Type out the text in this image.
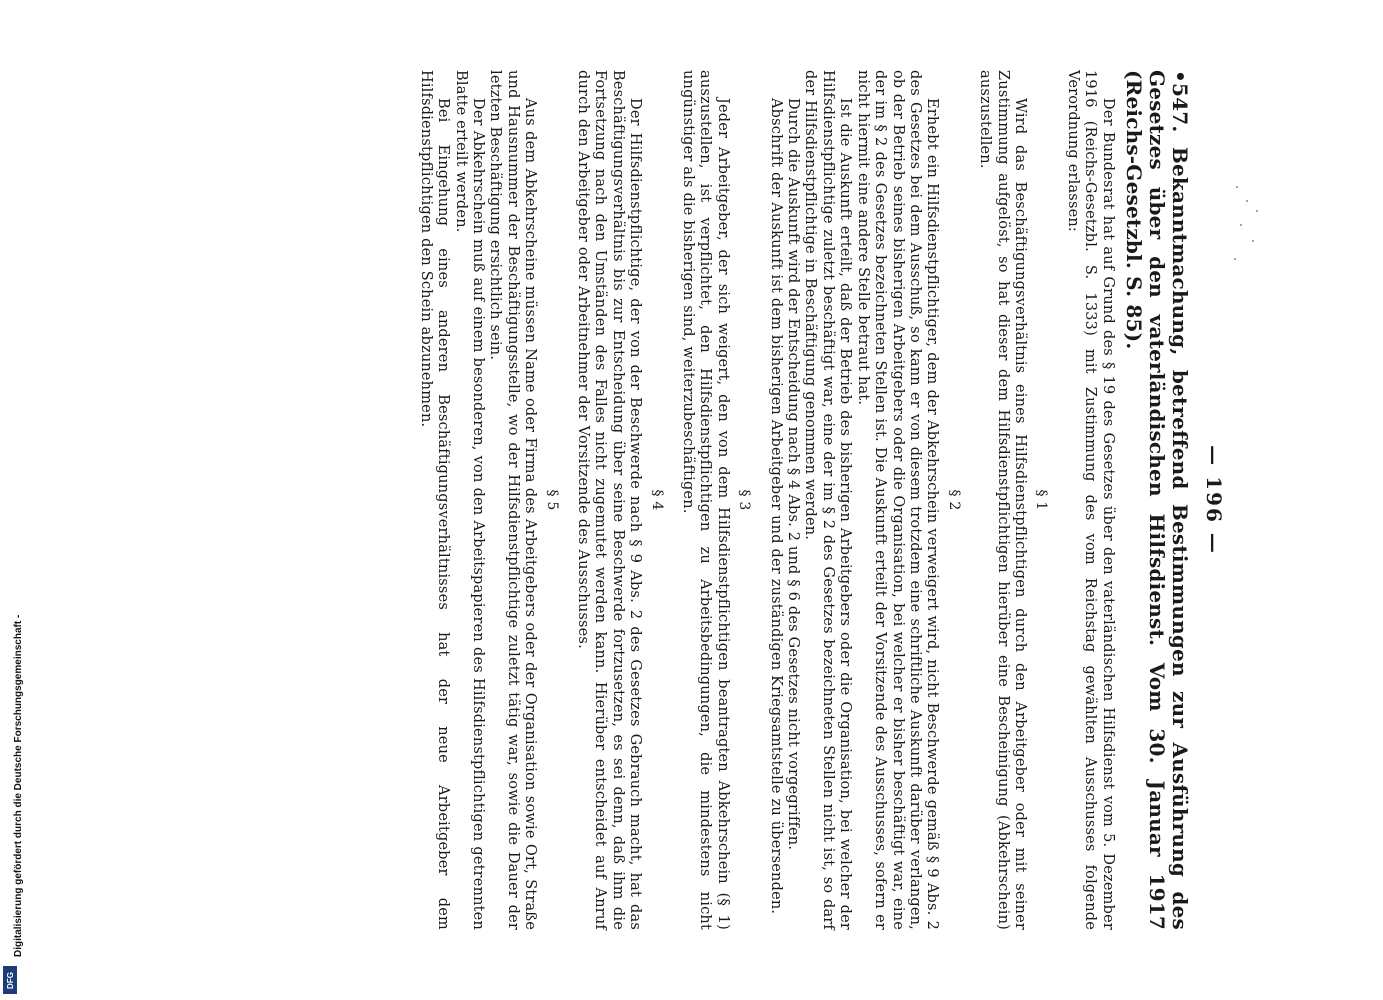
— 196 —
•547. Bekanntmachung, betreffend Bestimmungen zur Ausführung des Gesetzes über den vaterländischen Hilfsdienst. Vom 30. Januar 1917 (Reichs-Gesetzbl. S. 85).

Der Bundesrat hat auf Grund des § 19 des Gesetzes über den vaterländischen Hilfsdienst vom 5. Dezember 1916 (Reichs-Gesetzbl. S. 1333) mit Zustimmung des vom Reichstag gewählten Ausschusses folgende Verordnung erlassen:

§ 1

Wird das Beschäftigungsverhältnis eines Hilfsdienstpflichtigen durch den Arbeitgeber oder mit seiner Zustimmung aufgelöst, so hat dieser dem Hilfsdienstpflichtigen hierüber eine Bescheinigung (Abkehrschein) auszustellen.

§ 2

Erhebt ein Hilfsdienstpflichtiger, dem der Abkehrschein verweigert wird, nicht Beschwerde gemäß § 9 Abs. 2 des Gesetzes bei dem Ausschuß, so kann er von diesem trotzdem eine schriftliche Auskunft darüber verlangen, ob der Betrieb seines bisherigen Arbeitgebers oder die Organisation, bei welcher er bisher beschäftigt war, eine der im § 2 des Gesetzes bezeichneten Stellen ist. Die Auskunft erteilt der Vorsitzende des Ausschusses, sofern er nicht hiermit eine andere Stelle betraut hat.

Ist die Auskunft erteilt, daß der Betrieb des bisherigen Arbeitgebers oder die Organisation, bei welcher der Hilfsdienstpflichtige zuletzt beschäftigt war, eine der im § 2 des Gesetzes bezeichneten Stellen nicht ist, so darf der Hilfsdienstpflichtige in Beschäftigung genommen werden.

Durch die Auskunft wird der Entscheidung nach § 4 Abs. 2 und § 6 des Gesetzes nicht vorgegriffen.

Abschrift der Auskunft ist dem bisherigen Arbeitgeber und der zuständigen Kriegsamtstelle zu übersenden.

§ 3

Jeder Arbeitgeber, der sich weigert, den von dem Hilfsdienstpflichtigen beantragten Abkehrschein (§ 1) auszustellen, ist verpflichtet, den Hilfsdienstpflichtigen zu Arbeitsbedingungen, die mindestens nicht ungünstiger als die bisherigen sind, weiterzubeschäftigen.

§ 4

Der Hilfsdienstpflichtige, der von der Beschwerde nach § 9 Abs. 2 des Gesetzes Gebrauch macht, hat das Beschäftigungsverhältnis bis zur Entscheidung über seine Beschwerde fortzusetzen, es sei denn, daß ihm die Fortsetzung nach den Umständen des Falles nicht zugemutet werden kann. Hierüber entscheidet auf Anruf durch den Arbeitgeber oder Arbeitnehmer der Vorsitzende des Ausschusses.

§ 5

Aus dem Abkehrscheine müssen Name oder Firma des Arbeitgebers oder der Organisation sowie Ort, Straße und Hausnummer der Beschäftigungsstelle, wo der Hilfsdienstpflichtige zuletzt tätig war, sowie die Dauer der letzten Beschäftigung ersichtlich sein.

Der Abkehrschein muß auf einem besonderen, von den Arbeitspapieren des Hilfsdienstpflichtigen getrennten Blatte erteilt werden.

Bei Eingehung eines anderen Beschäftigungsverhältnisses hat der neue Arbeitgeber dem Hilfsdienstpflichtigen den Schein abzunehmen.

Digitalisierung gefördert durch die Deutsche Forschungsgemeinschaft -
DFG
